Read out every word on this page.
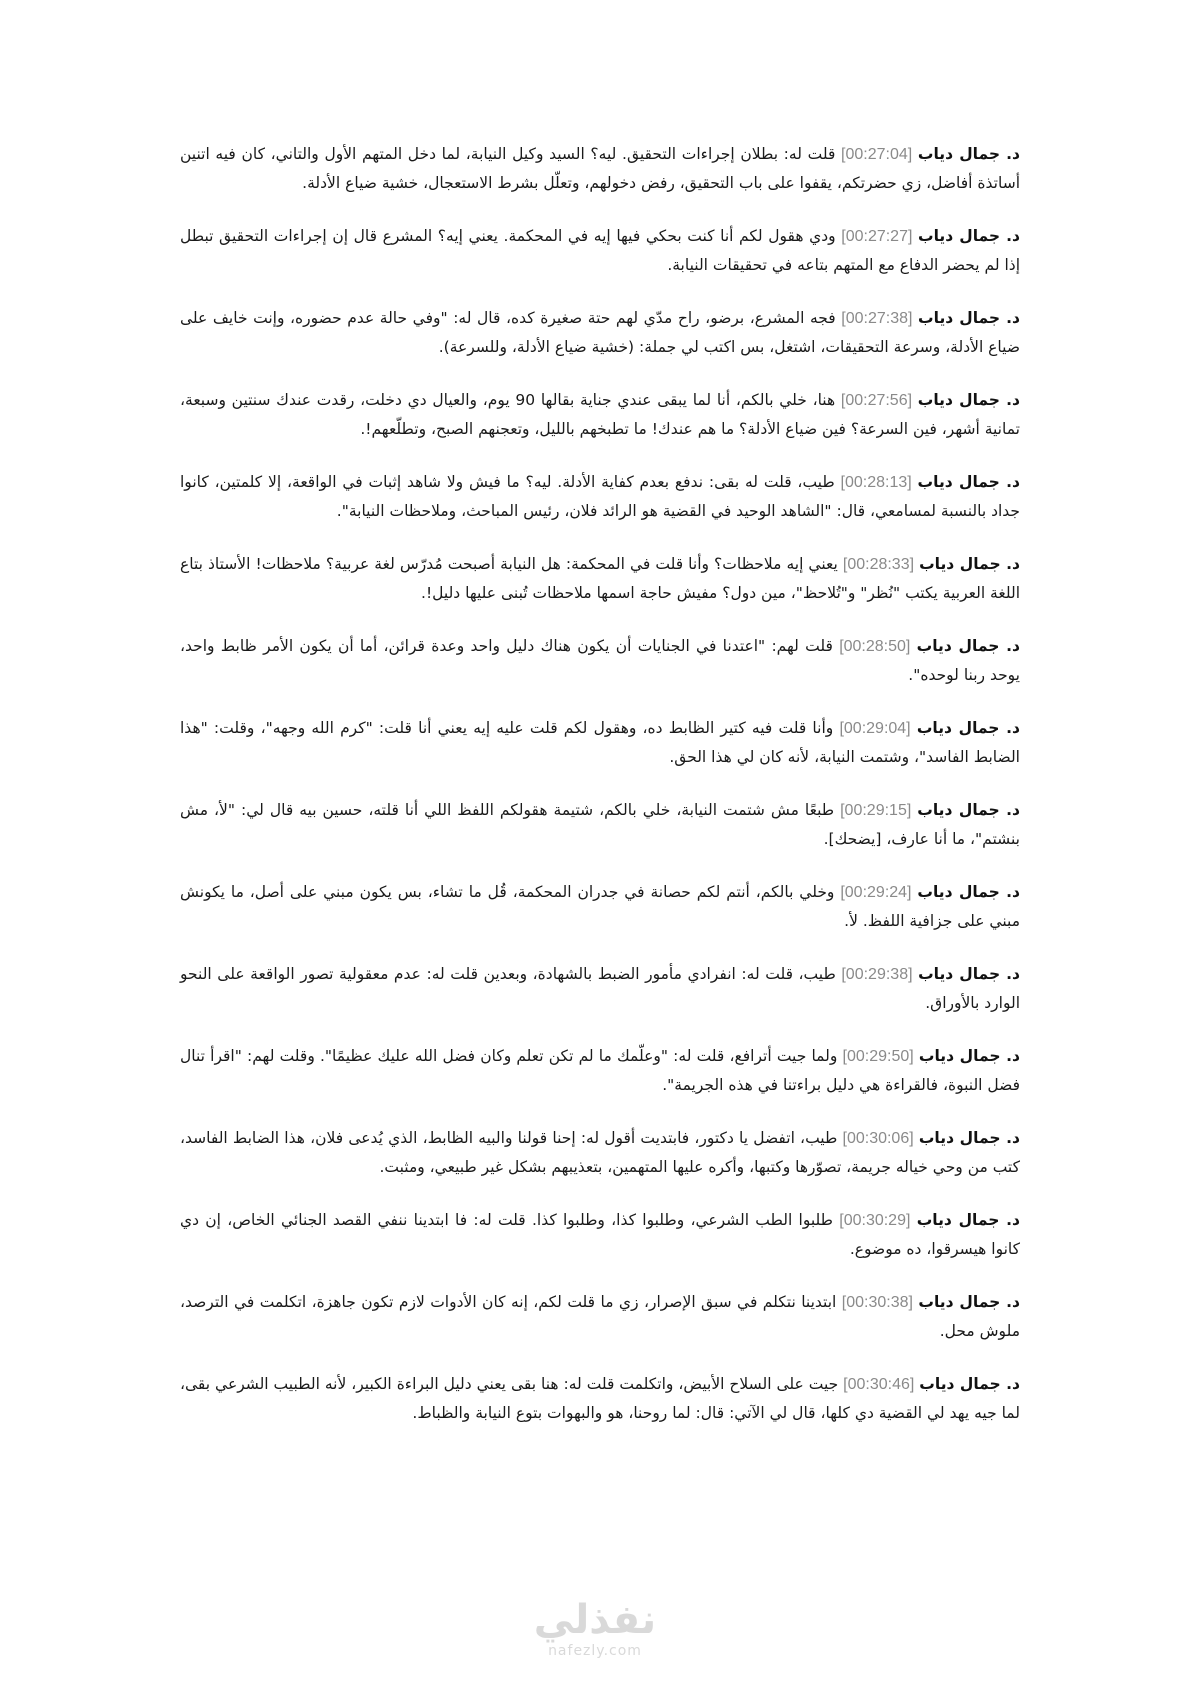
د. جمال دياب [00:27:04] قلت له: بطلان إجراءات التحقيق. ليه؟ السيد وكيل النيابة، لما دخل المتهم الأول والتاني، كان فيه اتنين أساتذة أفاضل، زي حضرتكم، يقفوا على باب التحقيق، رفض دخولهم، وتعلّل بشرط الاستعجال، خشية ضياع الأدلة.

د. جمال دياب [00:27:27] ودي هقول لكم أنا كنت بحكي فيها إيه في المحكمة. يعني إيه؟ المشرع قال إن إجراءات التحقيق تبطل إذا لم يحضر الدفاع مع المتهم بتاعه في تحقيقات النيابة.

د. جمال دياب [00:27:38] فجه المشرع، برضو، راح مدّي لهم حتة صغيرة كده، قال له: "وفي حالة عدم حضوره، وإنت خايف على ضياع الأدلة، وسرعة التحقيقات، اشتغل، بس اكتب لي جملة: (خشية ضياع الأدلة، وللسرعة).

د. جمال دياب [00:27:56] هنا، خلي بالكم، أنا لما يبقى عندي جناية بقالها 90 يوم، والعيال دي دخلت، رقدت عندك سنتين وسبعة، تمانية أشهر، فين السرعة؟ فين ضياع الأدلة؟ ما هم عندك! ما تطبخهم بالليل، وتعجنهم الصبح، وتطلّعهم!.

د. جمال دياب [00:28:13] طيب، قلت له بقى: ندفع بعدم كفاية الأدلة. ليه؟ ما فيش ولا شاهد إثبات في الواقعة، إلا كلمتين، كانوا جداد بالنسبة لمسامعي، قال: "الشاهد الوحيد في القضية هو الرائد فلان، رئيس المباحث، وملاحظات النيابة".

د. جمال دياب [00:28:33] يعني إيه ملاحظات؟ وأنا قلت في المحكمة: هل النيابة أصبحت مُدرّس لغة عربية؟ ملاحظات! الأستاذ بتاع اللغة العربية يكتب "نُظر" و"تُلاحظ"، مين دول؟ مفيش حاجة اسمها ملاحظات تُبنى عليها دليل!.

د. جمال دياب [00:28:50] قلت لهم: "اعتدنا في الجنايات أن يكون هناك دليل واحد وعدة قرائن، أما أن يكون الأمر ظابط واحد، يوحد ربنا لوحده".

د. جمال دياب [00:29:04] وأنا قلت فيه كتير الظابط ده، وهقول لكم قلت عليه إيه يعني أنا قلت: "كرم الله وجهه"، وقلت: "هذا الضابط الفاسد"، وشتمت النيابة، لأنه كان لي هذا الحق.

د. جمال دياب [00:29:15] طبعًا مش شتمت النيابة، خلي بالكم، شتيمة هقولكم اللفظ اللي أنا قلته، حسين بيه قال لي: "لأ، مش بنشتم"، ما أنا عارف، [يضحك].

د. جمال دياب [00:29:24] وخلي بالكم، أنتم لكم حصانة في جدران المحكمة، قُل ما تشاء، بس يكون مبني على أصل، ما يكونش مبني على جزافية اللفظ. لأ.

د. جمال دياب [00:29:38] طيب، قلت له: انفرادي مأمور الضبط بالشهادة، وبعدين قلت له: عدم معقولية تصور الواقعة على النحو الوارد بالأوراق.

د. جمال دياب [00:29:50] ولما جيت أترافع، قلت له: "وعلّمك ما لم تكن تعلم وكان فضل الله عليك عظيمًا". وقلت لهم: "اقرأ تنال فضل النبوة، فالقراءة هي دليل براءتنا في هذه الجريمة".

د. جمال دياب [00:30:06] طيب، اتفضل يا دكتور، فابتديت أقول له: إحنا قولنا والبيه الظابط، الذي يُدعى فلان، هذا الضابط الفاسد، كتب من وحي خياله جريمة، تصوّرها وكتبها، وأكره عليها المتهمين، بتعذيبهم بشكل غير طبيعي، ومثبت.

د. جمال دياب [00:30:29] طلبوا الطب الشرعي، وطلبوا كذا، وطلبوا كذا. قلت له: فا ابتدينا ننفي القصد الجنائي الخاص، إن دي كانوا هيسرقوا، ده موضوع.

د. جمال دياب [00:30:38] ابتدينا نتكلم في سبق الإصرار، زي ما قلت لكم، إنه كان الأدوات لازم تكون جاهزة، اتكلمت في الترصد، ملوش محل.

د. جمال دياب [00:30:46] جيت على السلاح الأبيض، واتكلمت قلت له: هنا بقى يعني دليل البراءة الكبير، لأنه الطبيب الشرعي بقى، لما جيه يهد لي القضية دي كلها، قال لي الآتي: قال: لما روحنا، هو والبهوات بتوع النيابة والظباط.

نفذلي
nafezly.com
